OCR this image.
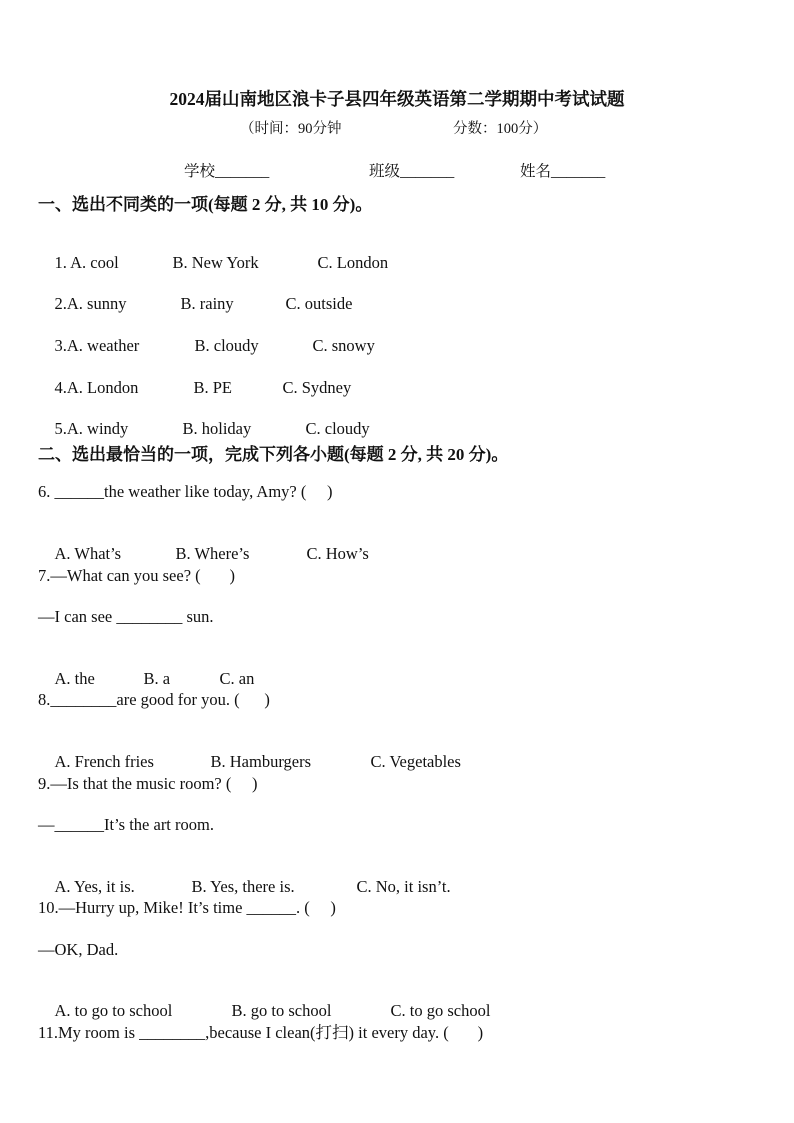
2024届山南地区浪卡子县四年级英语第二学期期中考试试题
（时间：90分钟	分数：100分）
学校_______	班级_______	姓名_______
一、选出不同类的一项(每题 2 分, 共 10 分)。

1. A. cool	B. New York	C. London

2.A. sunny	B. rainy	C. outside

3.A. weather	B. cloudy	C. snowy

4.A. London	B. PE	C. Sydney

5.A. windy	B. holiday	C. cloudy

二、选出最恰当的一项，完成下列各小题(每题 2 分, 共 20 分)。
6. ______the weather like today, Amy? (     )

A. What’s	B. Where’s	C. How’s

7.—What can you see? (       )
—I can see ________ sun.

A. the	B. a	C. an

8.________are good for you. (      )

A. French fries	B. Hamburgers	C. Vegetables

9.—Is that the music room? (     )
—______It’s the art room.

A. Yes, it is.	B. Yes, there is.	C. No, it isn’t.

10.—Hurry up, Mike! It’s time ______. (     )
—OK, Dad.

A. to go to school	B. go to school	C. to go school

11.My room is ________,because I clean(打扫) it every day. (       )
